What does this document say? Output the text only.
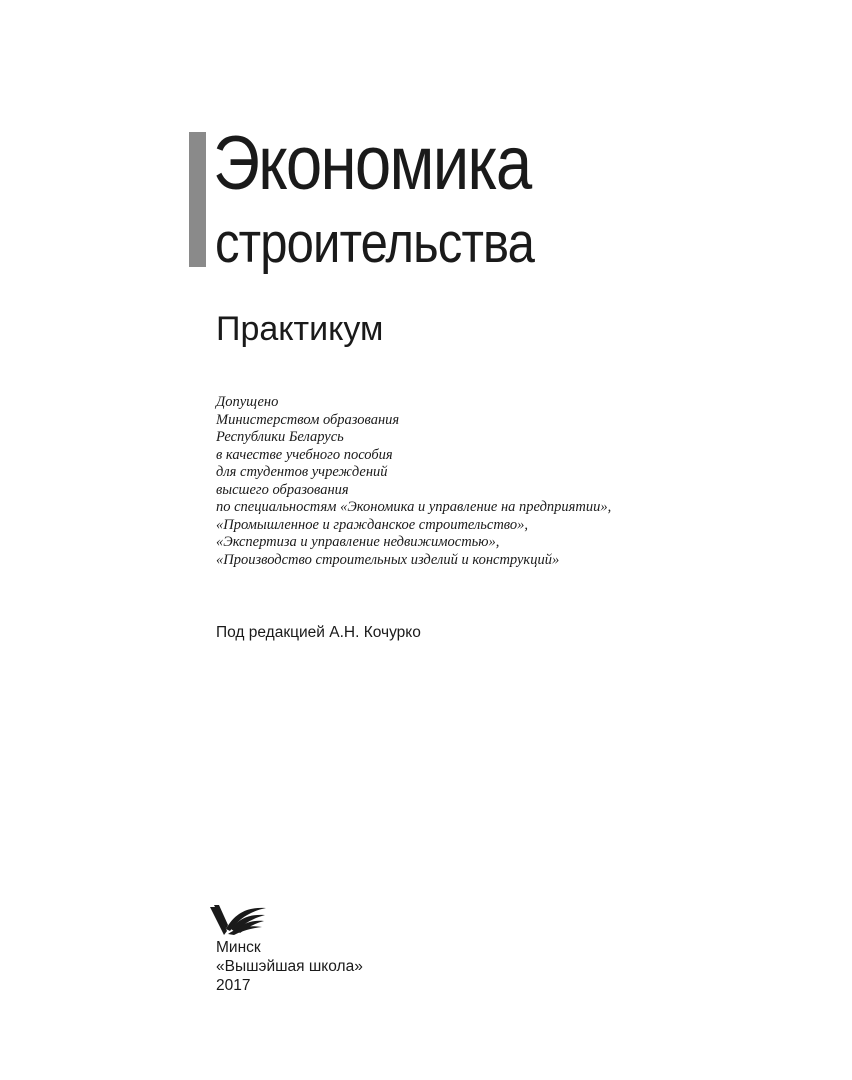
Экономика
строительства
Практикум
Допущено
Министерством образования
Республики Беларусь
в качестве учебного пособия
для студентов учреждений
высшего образования
по специальностям «Экономика и управление на предприятии»,
«Промышленное и гражданское строительство»,
«Экспертиза и управление недвижимостью»,
«Производство строительных изделий и конструкций»
Под редакцией А.Н. Кочурко
Минск
«Вышэйшая школа»
2017
